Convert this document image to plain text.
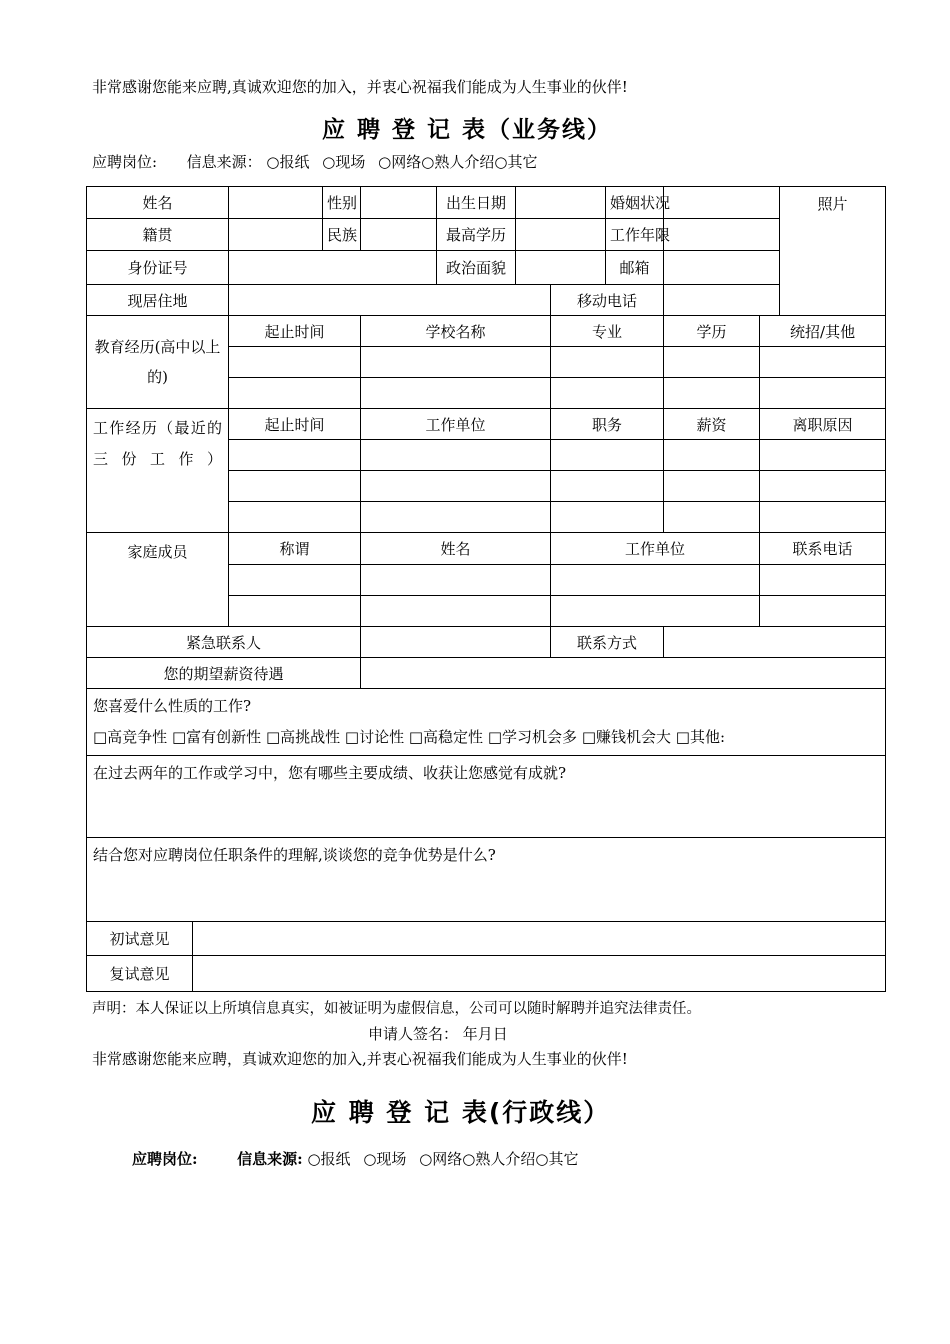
非常感谢您能来应聘,真诚欢迎您的加入，并衷心祝福我们能成为人生事业的伙伴!
应 聘 登 记 表（业务线）
应聘岗位: 信息来源： ○报纸 ○现场 ○网络○熟人介绍○其它
姓名			性别		出生日期			婚姻状况			照片
籍贯			民族		最高学历			工作年限			
身份证号					政治面貌			邮箱			
现居住地							移动电话				
教育经历(高中以上的)		起止时间		学校名称			专业		学历	统招/其他	

工作经历（最近的三份工作）		起止时间		工作单位			职务		薪资	离职原因	

家庭成员		称谓		姓名			工作单位			联系电话	

紧急联系人							联系方式				
您的期望薪资待遇											

您喜爱什么性质的工作?
□高竞争性 □富有创新性 □高挑战性 □讨论性 □高稳定性 □学习机会多 □赚钱机会大 □其他:											

在过去两年的工作或学习中，您有哪些主要成绩、收获让您感觉有成就?											
结合您对应聘岗位任职条件的理解,谈谈您的竞争优势是什么?											
初试意见											
复试意见											
声明：本人保证以上所填信息真实，如被证明为虚假信息，公司可以随时解聘并追究法律责任。
申请人签名： 年月日
非常感谢您能来应聘，真诚欢迎您的加入,并衷心祝福我们能成为人生事业的伙伴!
应 聘 登 记 表(行政线）
应聘岗位:	信息来源: ○报纸 ○现场 ○网络○熟人介绍○其它
